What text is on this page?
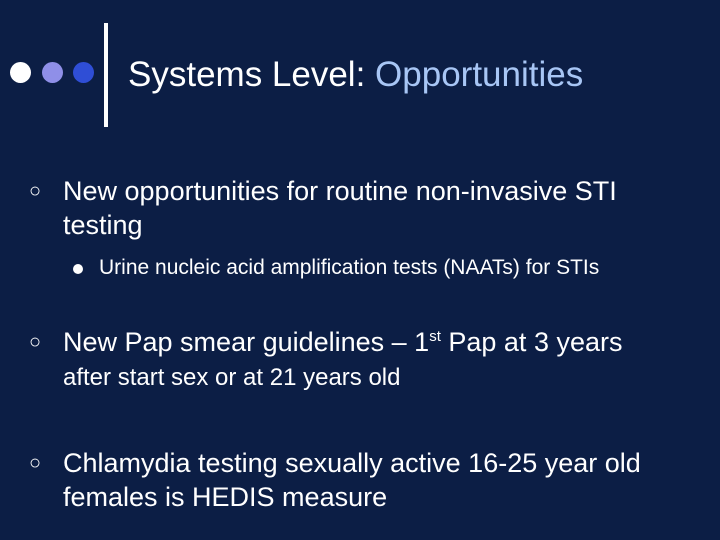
Systems Level: Opportunities
○ New opportunities for routine non-invasive STI testing
Urine nucleic acid amplification tests (NAATs) for STIs
○ New Pap smear guidelines – 1st Pap at 3 years
after start sex or at 21 years old
○ Chlamydia testing sexually active 16-25 year old females is HEDIS measure
